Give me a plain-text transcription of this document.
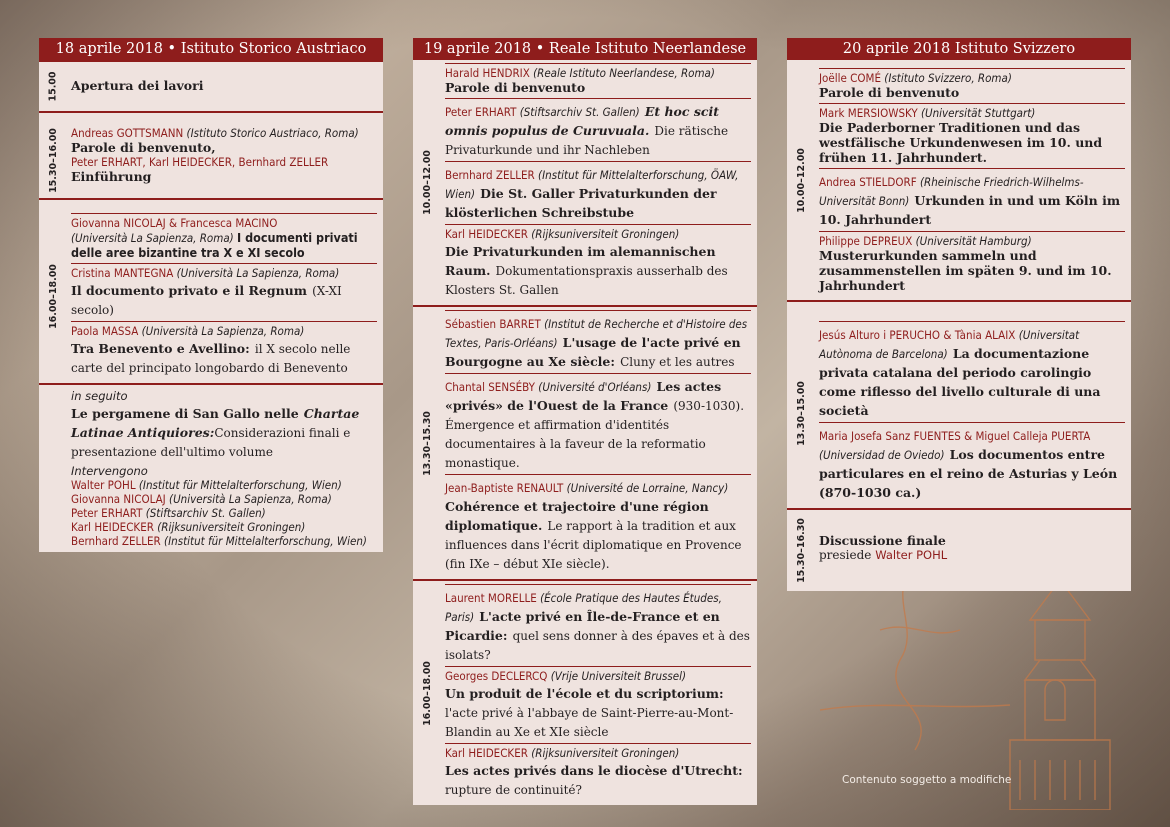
18 aprile 2018 • Istituto Storico Austriaco
15.00 Apertura dei lavori
15.30–16.00 Andreas GOTTSMANN (Istituto Storico Austriaco, Roma)
Parole di benvenuto,
Peter ERHART, Karl HEIDECKER, Bernhard ZELLER
Einführung
16.00–18.00
Giovanna NICOLAJ & Francesca MACINO
(Università La Sapienza, Roma) I documenti privati delle aree bizantine tra X e XI secolo
Cristina MANTEGNA (Università La Sapienza, Roma)
Il documento privato e il Regnum (X-XI secolo)
Paola MASSA (Università La Sapienza, Roma)
Tra Benevento e Avellino: il X secolo nelle carte del principato longobardo di Benevento
in seguito
Le pergamene di San Gallo nelle Chartae Latinae Antiquiores:Considerazioni finali e presentazione dell'ultimo volume
Intervengono
Walter POHL (Institut für Mittelalterforschung, Wien)
Giovanna NICOLAJ (Università La Sapienza, Roma)
Peter ERHART (Stiftsarchiv St. Gallen)
Karl HEIDECKER (Rijksuniversiteit Groningen)
Bernhard ZELLER (Institut für Mittelalterforschung, Wien)
19 aprile 2018 • Reale Istituto Neerlandese
10.00–12.00
Harald HENDRIX (Reale Istituto Neerlandese, Roma)
Parole di benvenuto
Peter ERHART (Stiftsarchiv St. Gallen) Et hoc scit omnis populus de Curuvuala. Die rätische Privaturkunde und ihr Nachleben
Bernhard ZELLER (Institut für Mittelalterforschung, ÖAW, Wien) Die St. Galler Privaturkunden der klösterlichen Schreibstube
Karl HEIDECKER (Rijksuniversiteit Groningen)
Die Privaturkunden im alemannischen Raum. Dokumentationspraxis ausserhalb des Klosters St. Gallen
13.30–15.30
Sébastien BARRET (Institut de Recherche et d'Histoire des Textes, Paris-Orléans) L'usage de l'acte privé en Bourgogne au Xe siècle: Cluny et les autres
Chantal SENSÉBY (Université d'Orléans) Les actes «privés» de l'Ouest de la France (930-1030). Émergence et affirmation d'identités documentaires à la faveur de la reformatio monastique.
Jean-Baptiste RENAULT (Université de Lorraine, Nancy) Cohérence et trajectoire d'une région diplomatique. Le rapport à la tradition et aux influences dans l'écrit diplomatique en Provence (fin IXe – début XIe siècle).
16.00–18.00
Laurent MORELLE (École Pratique des Hautes Études, Paris) L'acte privé en Île-de-France et en Picardie: quel sens donner à des épaves et à des isolats?
Georges DECLERCQ (Vrije Universiteit Brussel)
Un produit de l'école et du scriptorium: l'acte privé à l'abbaye de Saint-Pierre-au-Mont-Blandin au Xe et XIe siècle
Karl HEIDECKER (Rijksuniversiteit Groningen)
Les actes privés dans le diocèse d'Utrecht: rupture de continuité?
20 aprile 2018 Istituto Svizzero
10.00–12.00
Joëlle COMÉ (Istituto Svizzero, Roma)
Parole di benvenuto
Mark MERSIOWSKY (Universität Stuttgart)
Die Paderborner Traditionen und das westfälische Urkundenwesen im 10. und frühen 11. Jahrhundert.
Andrea STIELDORF (Rheinische Friedrich-Wilhelms-Universität Bonn) Urkunden in und um Köln im 10. Jahrhundert
Philippe DEPREUX (Universität Hamburg)
Musterurkunden sammeln und zusammenstellen im späten 9. und im 10. Jahrhundert
13.30–15.00
Jesús Alturo i PERUCHO & Tània ALAIX (Universitat Autònoma de Barcelona) La documentazione privata catalana del periodo carolingio come riflesso del livello culturale di una società
Maria Josefa Sanz FUENTES & Miguel Calleja PUERTA (Universidad de Oviedo) Los documentos entre particulares en el reino de Asturias y León (870-1030 ca.)
15.30–16.30 Discussione finale
presiede Walter POHL
Contenuto soggetto a modifiche
